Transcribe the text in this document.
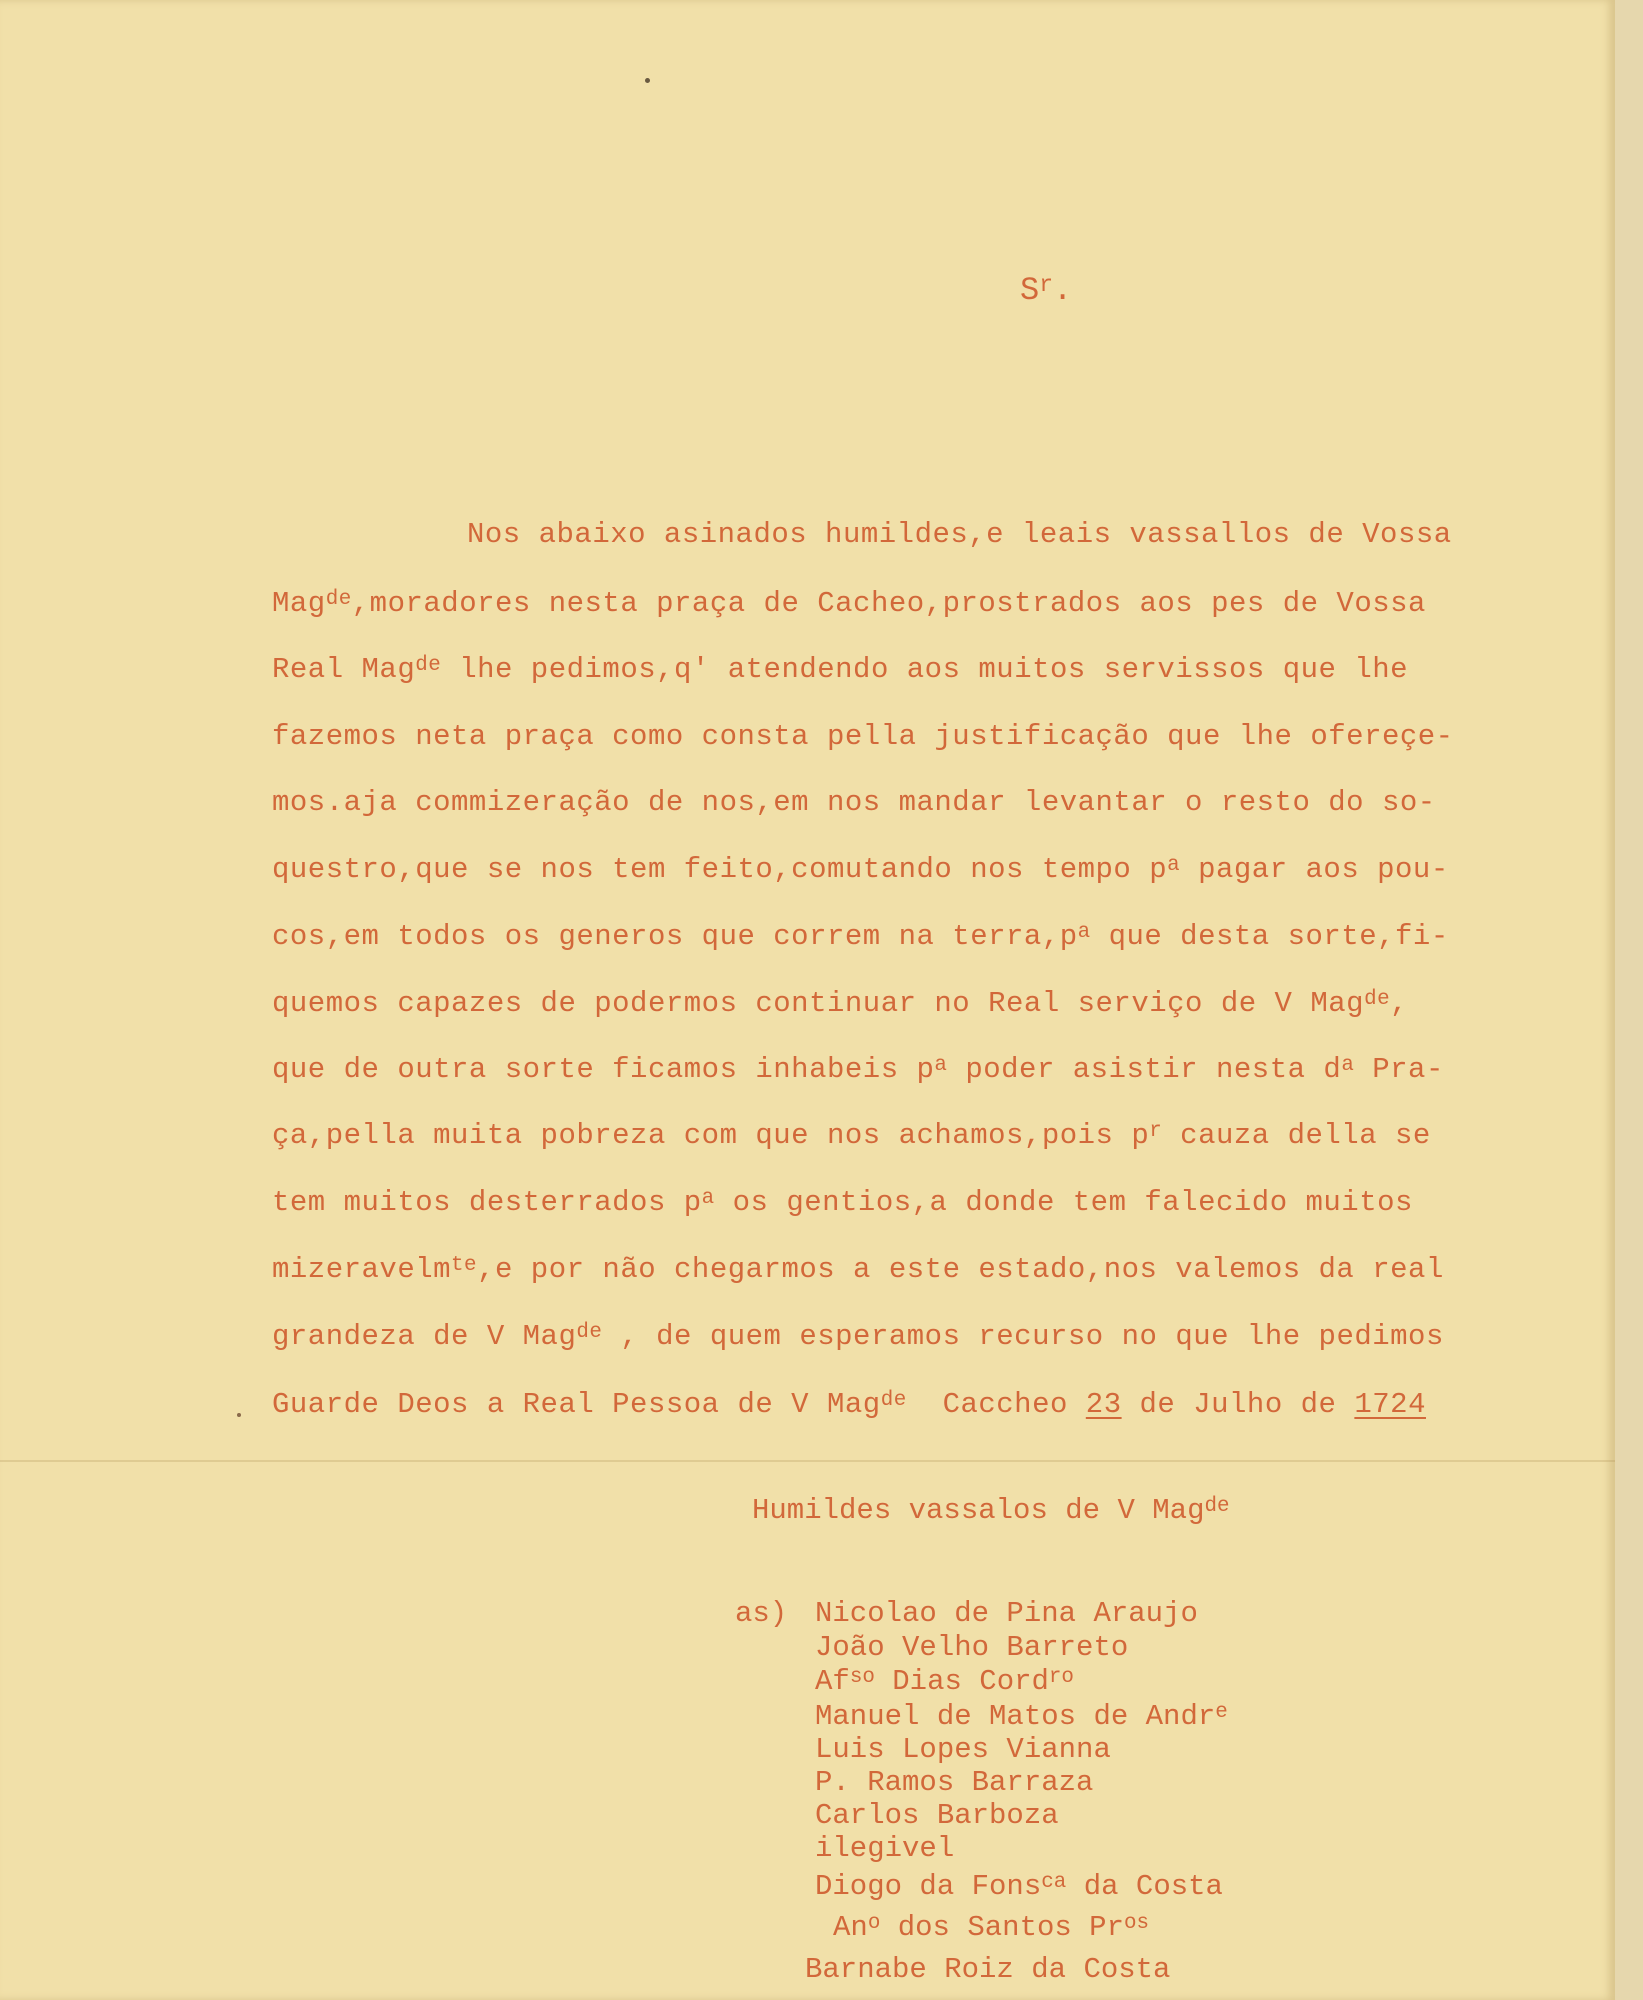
$S^r$.
Nos abaixo asinados humildes,e leais vassallos de Vossa
Mag$^{de}$,moradores nesta praça de Cacheo,prostrados aos pes de Vossa
Real Mag$^{de}$ lhe pedimos,q' atendendo aos muitos servissos que lhe
fazemos neta praça como consta pella justificação que lhe ofereçe-
mos.aja commizeração de nos,em nos mandar levantar o resto do so-
questro,que se nos tem feito,comutando nos tempo $p^a$ pagar aos pou-
cos,em todos os generos que correm na $terra,p^a$ que desta sorte,fi-
quemos capazes de podermos continuar no Real serviço de V Mag$^{de}$,
que de outra sorte ficamos inhabeis $p^a$ poder asistir nesta $d^a$ Pra-
ça,pella muita pobreza com que nos achamos,pois $p^r$ cauza della se
tem muitos desterrados $p^a$ os gentios,a donde tem falecido muitos
mizeravelm$^{te}$,e por não chegarmos a este estado,nos valemos da real
grandeza de V Mag$^{de}$ , de quem esperamos recurso no que lhe pedimos
Guarde Deos a Real Pessoa de V Mag$^{de}$  Caccheo 23 de Julho de 1724
Humildes vassalos de V Mag$^{de}$
as) Nicolao de Pina Araujo
João Velho Barreto
$Af^{so}$ Dias Cord$^{ro}$
Manuel de Matos de Andr$^e$
Luis Lopes Vianna
P. Ramos Barraza
Carlos Barboza
ilegivel
Diogo da Fons$^{ca}$ da Costa
An$^o$ dos Santos $Pr^{os}$
Barnabe Roiz da Costa
